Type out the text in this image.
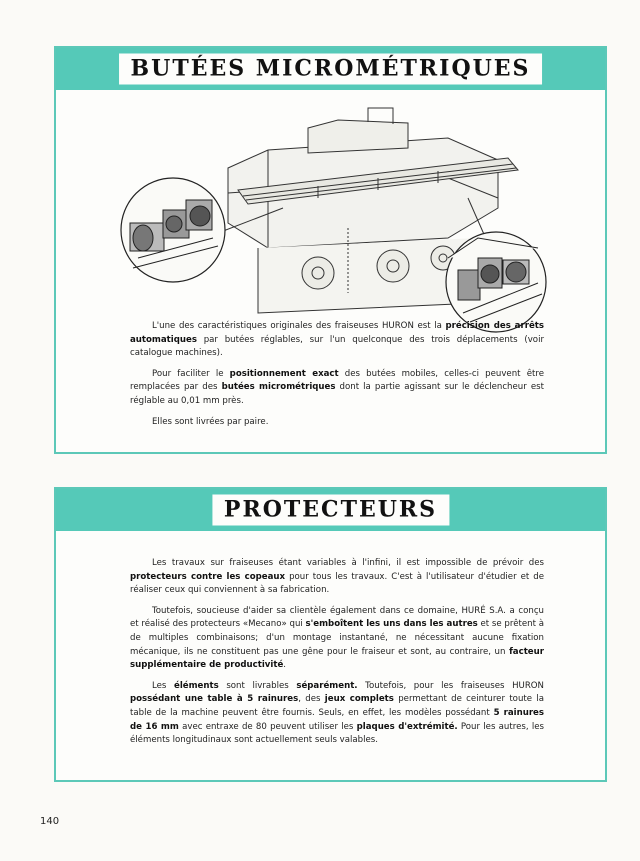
BUTÉES MICROMÉTRIQUES

L'une des caractéristiques originales des fraiseuses HURON est la précision des arrêts automatiques par butées réglables, sur l'un quelconque des trois déplacements (voir catalogue machines).

Pour faciliter le positionnement exact des butées mobiles, celles-ci peuvent être remplacées par des butées micrométriques dont la partie agissant sur le déclencheur est réglable au 0,01 mm près.

Elles sont livrées par paire.

PROTECTEURS

Les travaux sur fraiseuses étant variables à l'infini, il est impossible de prévoir des protecteurs contre les copeaux pour tous les travaux. C'est à l'utilisateur d'étudier et de réaliser ceux qui conviennent à sa fabrication.

Toutefois, soucieuse d'aider sa clientèle également dans ce domaine, HURÉ S.A. a conçu et réalisé des protecteurs «Mecano» qui s'emboîtent les uns dans les autres et se prêtent à de multiples combinaisons; d'un montage instantané, ne nécessitant aucune fixation mécanique, ils ne constituent pas une gêne pour le fraiseur et sont, au contraire, un facteur supplémentaire de productivité.

Les éléments sont livrables séparément. Toutefois, pour les fraiseuses HURON possédant une table à 5 rainures, des jeux complets permettant de ceinturer toute la table de la machine peuvent être fournis. Seuls, en effet, les modèles possédant 5 rainures de 16 mm avec entraxe de 80 peuvent utiliser les plaques d'extrémité. Pour les autres, les éléments longitudinaux sont actuellement seuls valables.

140
